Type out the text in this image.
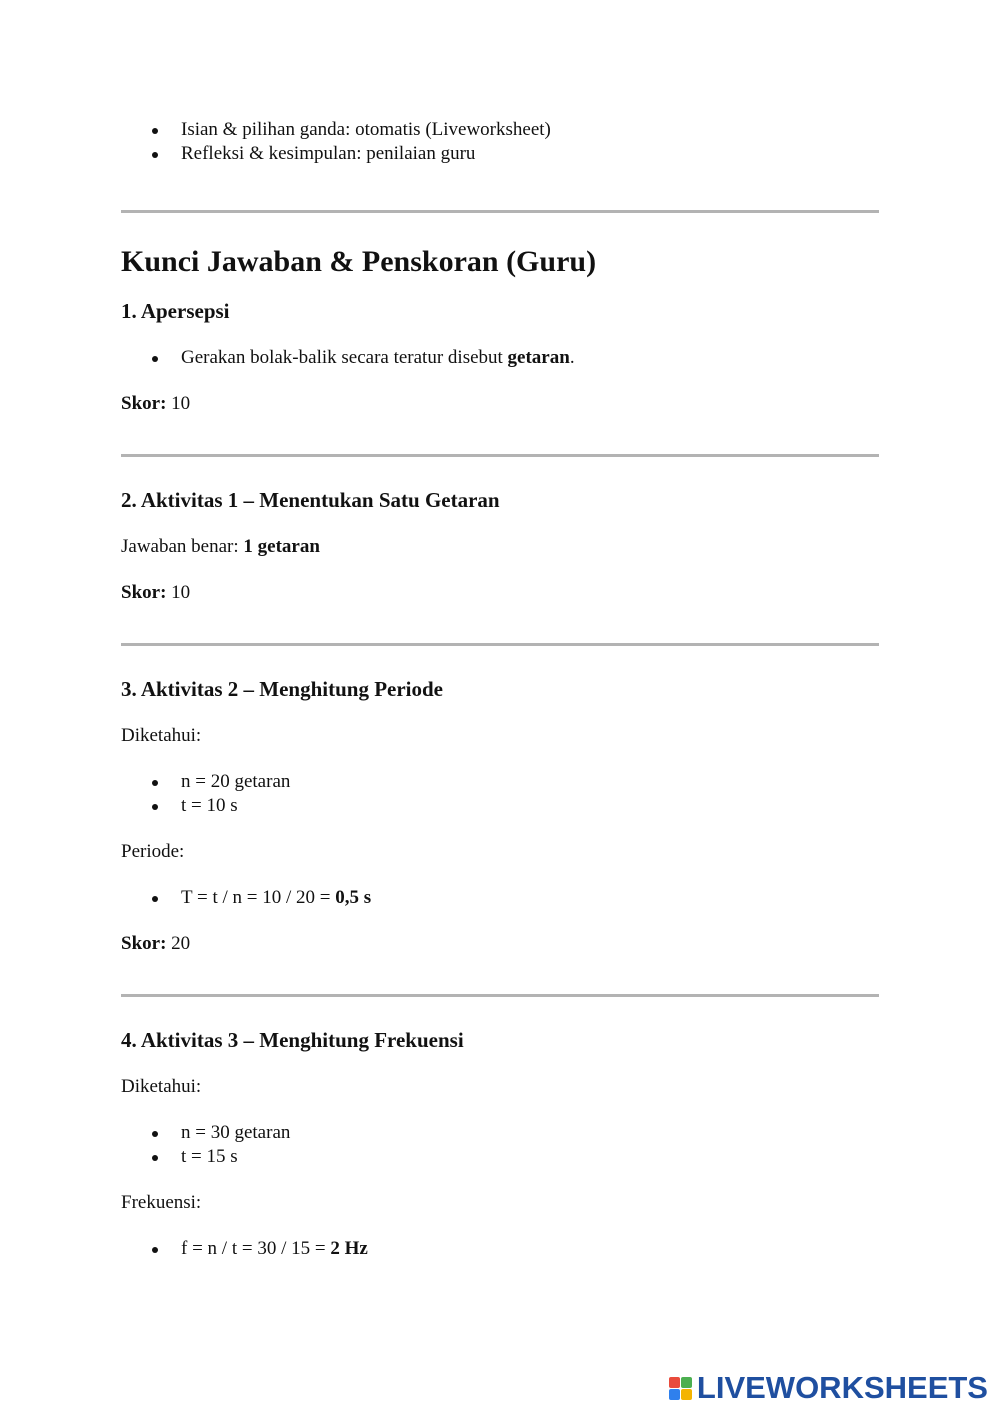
Isian & pilihan ganda: otomatis (Liveworksheet)
Refleksi & kesimpulan: penilaian guru
Kunci Jawaban & Penskoran (Guru)
1. Apersepsi
Gerakan bolak-balik secara teratur disebut getaran.

Skor: 10

2. Aktivitas 1 – Menentukan Satu Getaran

Jawaban benar: 1 getaran

Skor: 10

3. Aktivitas 2 – Menghitung Periode

Diketahui:

n = 20 getaran
t = 10 s

Periode:

T = t / n = 10 / 20 = 0,5 s

Skor: 20

4. Aktivitas 3 – Menghitung Frekuensi

Diketahui:

n = 30 getaran
t = 15 s

Frekuensi:

f = n / t = 30 / 15 = 2 Hz
LIVEWORKSHEETS
